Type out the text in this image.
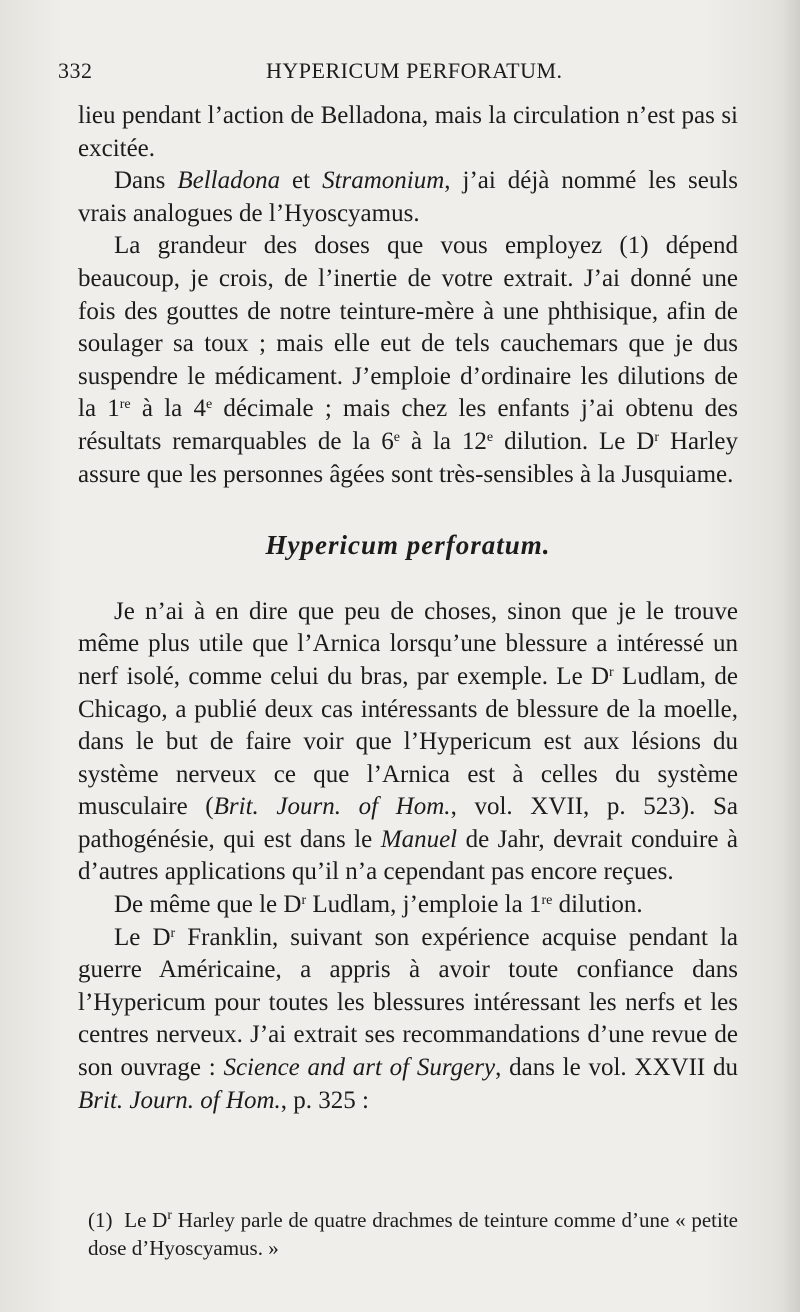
332	HYPERICUM PERFORATUM.

lieu pendant l’action de Belladona, mais la circulation n’est pas si excitée.

Dans Belladona et Stramonium, j’ai déjà nommé les seuls vrais analogues de l’Hyoscyamus.

La grandeur des doses que vous employez (1) dépend beaucoup, je crois, de l’inertie de votre extrait. J’ai donné une fois des gouttes de notre teinture-mère à une phthisique, afin de soulager sa toux ; mais elle eut de tels cauchemars que je dus suspendre le médicament. J’emploie d’ordinaire les dilutions de la 1re à la 4e décimale ; mais chez les enfants j’ai obtenu des résultats remarquables de la 6e à la 12e dilution. Le $D^r$ Harley assure que les personnes âgées sont très-sensibles à la Jusquiame.

Hypericum perforatum.

Je n’ai à en dire que peu de choses, sinon que je le trouve même plus utile que l’Arnica lorsqu’une blessure a intéressé un nerf isolé, comme celui du bras, par exemple. Le $D^r$ Ludlam, de Chicago, a publié deux cas intéressants de blessure de la moelle, dans le but de faire voir que l’Hypericum est aux lésions du système nerveux ce que l’Arnica est à celles du système musculaire (Brit. Journ. of Hom., vol. XVII, p. 523). Sa pathogénésie, qui est dans le Manuel de Jahr, devrait conduire à d’autres applications qu’il n’a cependant pas encore reçues.

De même que le $D^r$ Ludlam, j’emploie la 1re dilution.

Le $D^r$ Franklin, suivant son expérience acquise pendant la guerre Américaine, a appris à avoir toute confiance dans l’Hypericum pour toutes les blessures intéressant les nerfs et les centres nerveux. J’ai extrait ses recommandations d’une revue de son ouvrage : Science and art of Surgery, dans le vol. XXVII du Brit. Journ. of Hom., p. 325 :

(1) Le $D^r$ Harley parle de quatre drachmes de teinture comme d’une « petite dose d’Hyoscyamus. »
